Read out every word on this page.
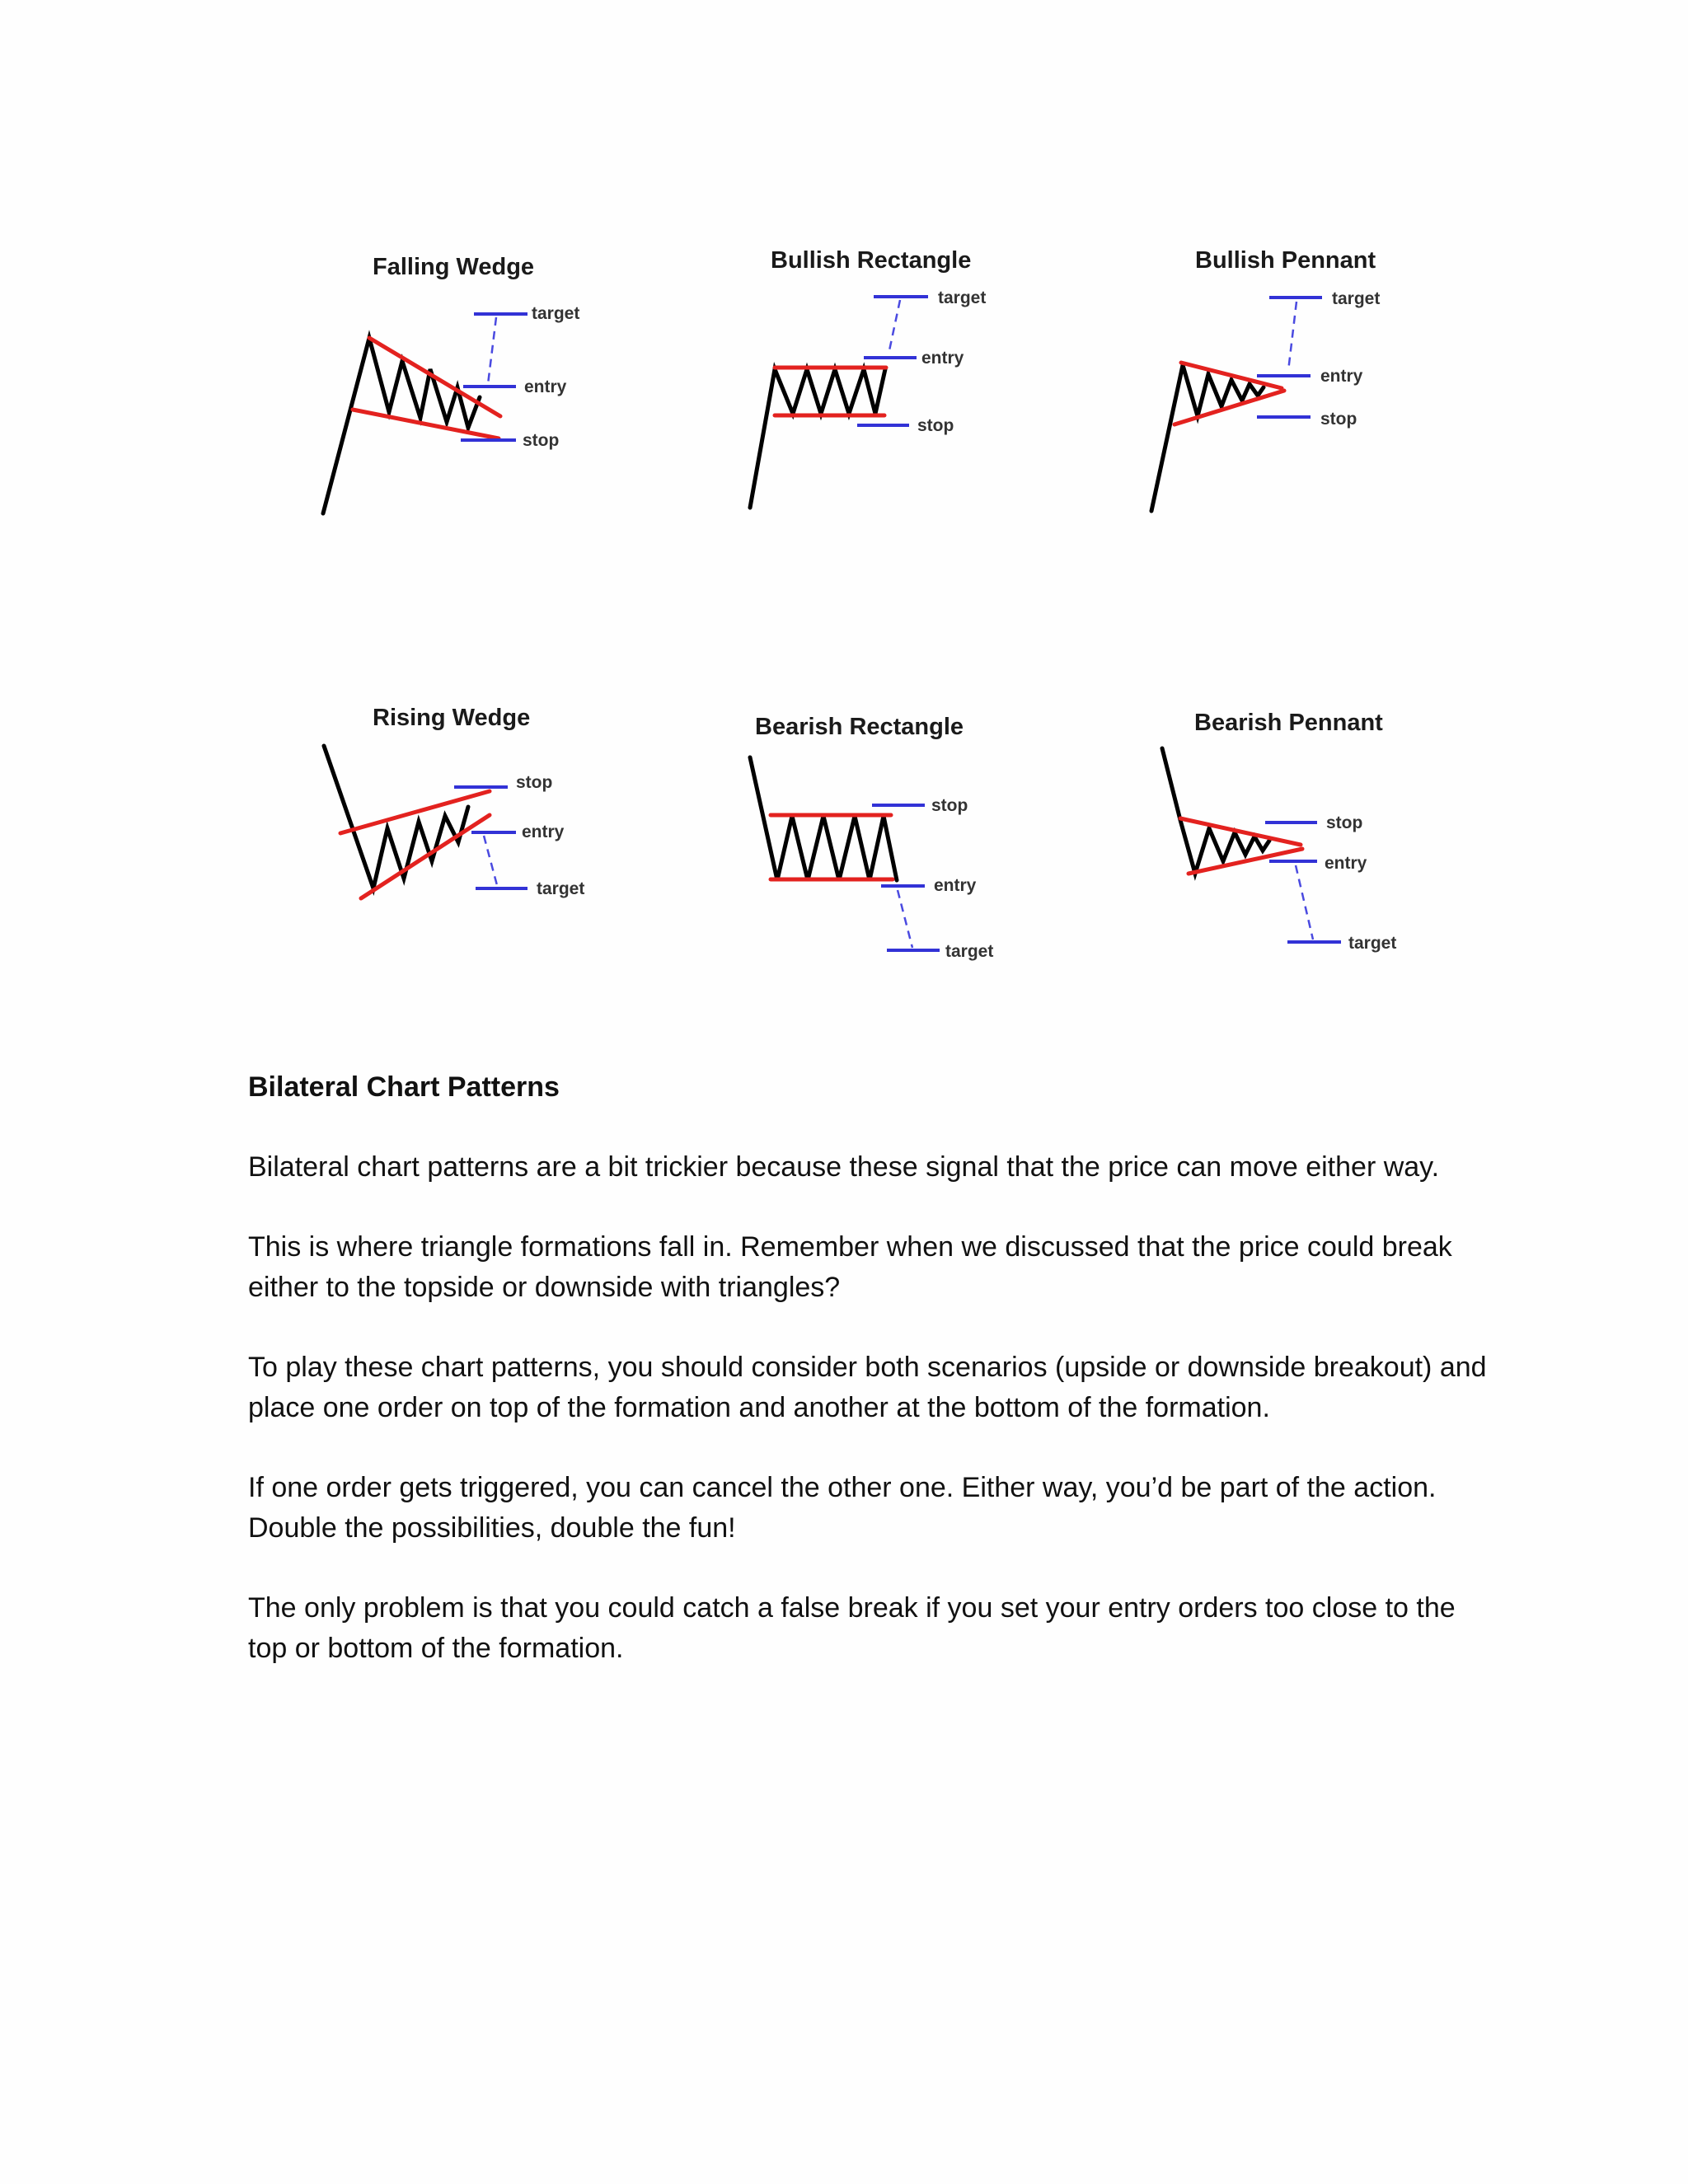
Falling Wedge
target
entry
stop
Bullish Rectangle
target
entry
stop
Bullish Pennant
target
entry
stop
Rising Wedge
stop
entry
target
Bearish Rectangle
stop
entry
target
Bearish Pennant
stop
entry
target
Bilateral Chart Patterns

Bilateral chart patterns are a bit trickier because these signal that the price can move either way.

This is where triangle formations fall in. Remember when we discussed that the price could break either to the topside or downside with triangles?

To play these chart patterns, you should consider both scenarios (upside or downside breakout) and place one order on top of the formation and another at the bottom of the formation.

If one order gets triggered, you can cancel the other one. Either way, you’d be part of the action. Double the possibilities, double the fun!

The only problem is that you could catch a false break if you set your entry orders too close to the top or bottom of the formation.
